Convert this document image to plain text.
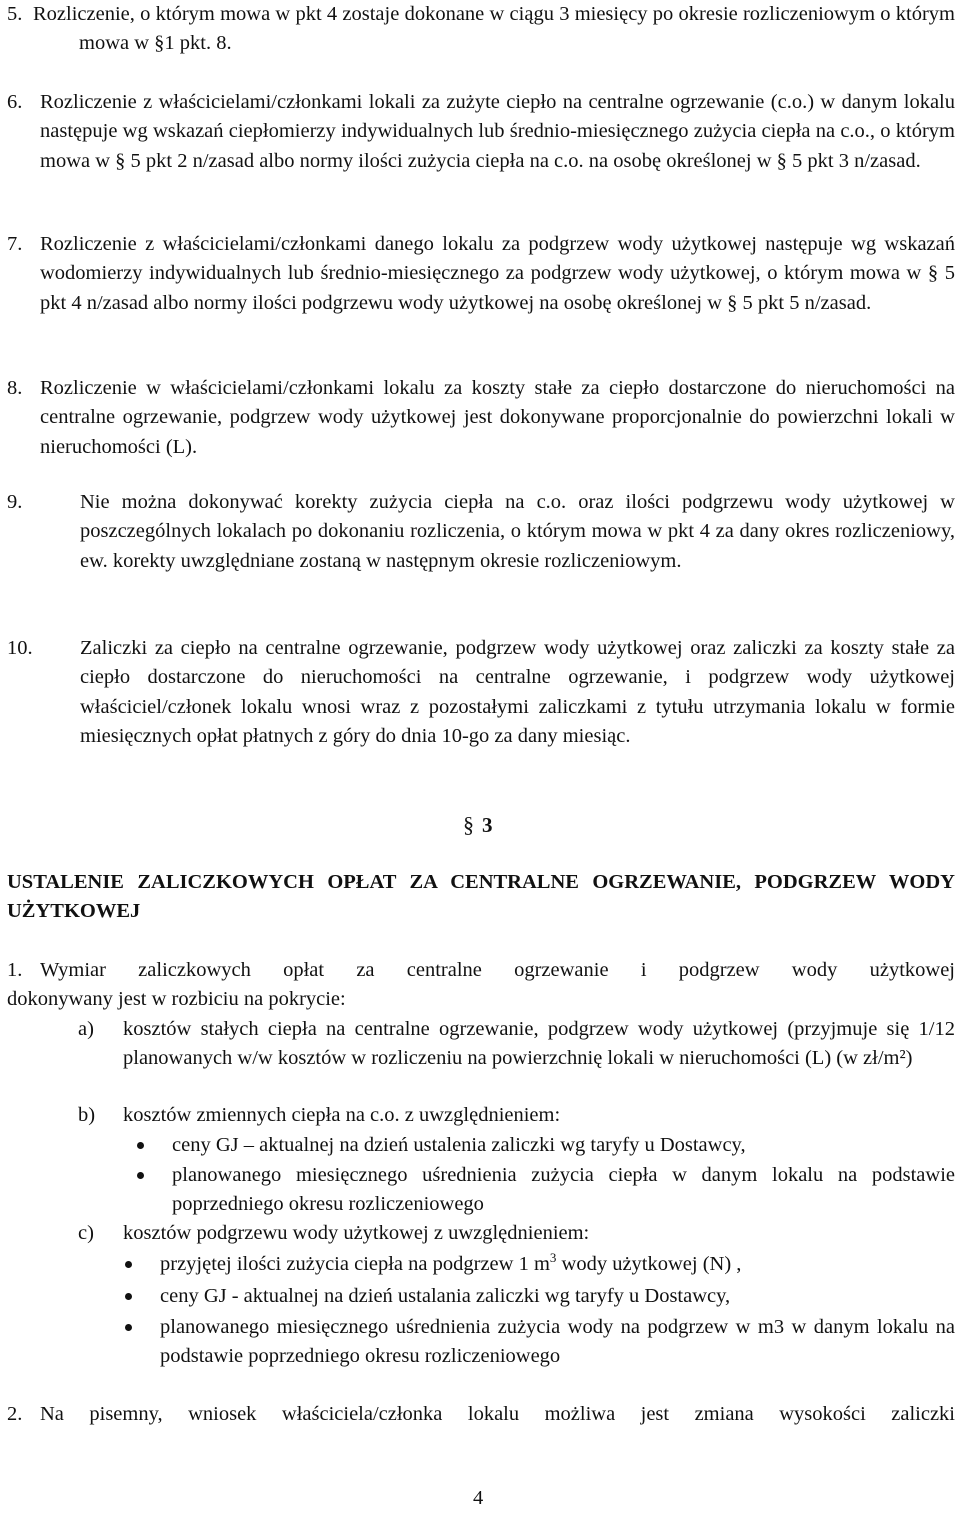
5. Rozliczenie, o którym mowa w pkt 4 zostaje dokonane w ciągu 3 miesięcy po okresie rozliczeniowym o którym mowa w §1 pkt. 8.
6. Rozliczenie z właścicielami/członkami lokali za zużyte ciepło na centralne ogrzewanie (c.o.) w danym lokalu następuje wg wskazań ciepłomierzy indywidualnych lub średnio-miesięcznego zużycia ciepła na c.o., o którym mowa w § 5 pkt 2 n/zasad albo normy ilości zużycia ciepła na c.o. na osobę określonej w § 5 pkt 3 n/zasad.
7. Rozliczenie z właścicielami/członkami danego lokalu za podgrzew wody użytkowej następuje wg wskazań wodomierzy indywidualnych lub średnio-miesięcznego za podgrzew wody użytkowej, o którym mowa w § 5 pkt 4 n/zasad albo normy ilości podgrzewu wody użytkowej na osobę określonej w § 5 pkt 5 n/zasad.
8. Rozliczenie w właścicielami/członkami lokalu za koszty stałe za ciepło dostarczone do nieruchomości na centralne ogrzewanie, podgrzew wody użytkowej jest dokonywane proporcjonalnie do powierzchni lokali w nieruchomości (L).
9.	Nie można dokonywać korekty zużycia ciepła na c.o. oraz ilości podgrzewu wody użytkowej w poszczególnych lokalach po dokonaniu rozliczenia, o którym mowa w pkt 4 za dany okres rozliczeniowy, ew. korekty uwzględniane zostaną w następnym okresie rozliczeniowym.
10. Zaliczki za ciepło na centralne ogrzewanie, podgrzew wody użytkowej oraz zaliczki za koszty stałe za ciepło dostarczone do nieruchomości na centralne ogrzewanie, i podgrzew wody użytkowej właściciel/członek lokalu wnosi wraz z pozostałymi zaliczkami z tytułu utrzymania lokalu w formie miesięcznych opłat płatnych z góry do dnia 10-go za dany miesiąc.
§ 3
USTALENIE ZALICZKOWYCH OPŁAT ZA CENTRALNE OGRZEWANIE, PODGRZEW WODY UŻYTKOWEJ
1. Wymiar zaliczkowych opłat za centralne ogrzewanie i podgrzew wody użytkowej
dokonywany jest w rozbiciu na pokrycie:
a) kosztów stałych ciepła na centralne ogrzewanie, podgrzew wody użytkowej (przyjmuje się 1/12 planowanych w/w kosztów w rozliczeniu na powierzchnię lokali w nieruchomości (L) (w zł/m²)
b) kosztów zmiennych ciepła na c.o. z uwzględnieniem:
ceny GJ – aktualnej na dzień ustalenia zaliczki wg taryfy u Dostawcy,
planowanego miesięcznego uśrednienia zużycia ciepła w danym lokalu na podstawie poprzedniego okresu rozliczeniowego
c) kosztów podgrzewu wody użytkowej z uwzględnieniem:
przyjętej ilości zużycia ciepła na podgrzew 1 $m^3$ wody użytkowej (N) ,
ceny GJ - aktualnej na dzień ustalania zaliczki wg taryfy u Dostawcy,
planowanego miesięcznego uśrednienia zużycia wody na podgrzew w m3 w danym lokalu na podstawie poprzedniego okresu rozliczeniowego
2. Na pisemny, wniosek właściciela/członka lokalu możliwa jest zmiana wysokości zaliczki
4
